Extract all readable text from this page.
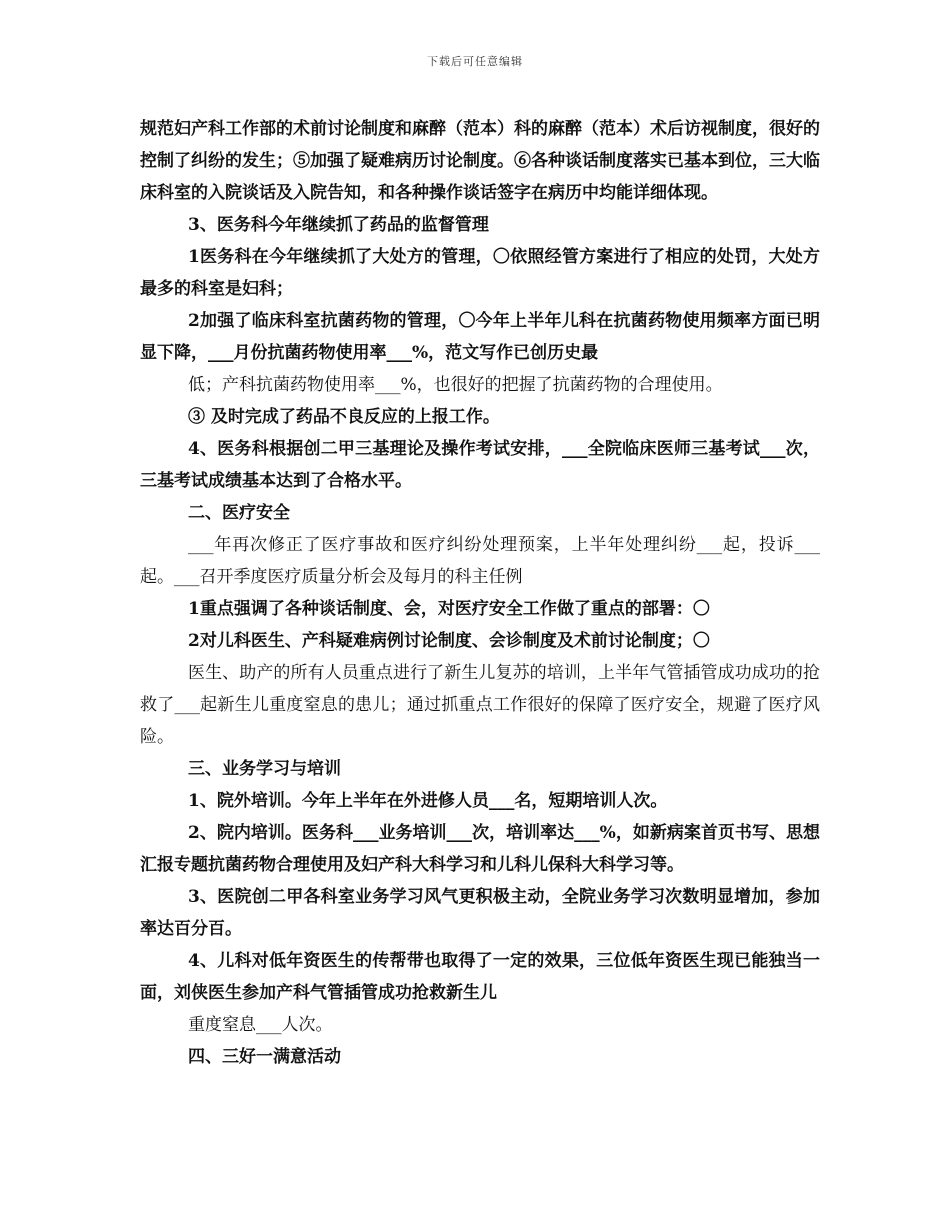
下载后可任意编辑

规范妇产科工作部的术前讨论制度和麻醉（范本）科的麻醉（范本）术后访视制度，很好的控制了纠纷的发生；⑤加强了疑难病历讨论制度。⑥各种谈话制度落实已基本到位，三大临床科室的入院谈话及入院告知，和各种操作谈话签字在病历中均能详细体现。

3、医务科今年继续抓了药品的监督管理

1医务科在今年继续抓了大处方的管理，〇依照经管方案进行了相应的处罚，大处方最多的科室是妇科；

2加强了临床科室抗菌药物的管理，〇今年上半年儿科在抗菌药物使用频率方面已明显下降，___月份抗菌药物使用率___%，范文写作已创历史最

低；产科抗菌药物使用率___%，也很好的把握了抗菌药物的合理使用。

③ 及时完成了药品不良反应的上报工作。

4、医务科根据创二甲三基理论及操作考试安排，___全院临床医师三基考试___次，三基考试成绩基本达到了合格水平。

二、医疗安全

___年再次修正了医疗事故和医疗纠纷处理预案，上半年处理纠纷___起，投诉___起。___召开季度医疗质量分析会及每月的科主任例

1重点强调了各种谈话制度、会，对医疗安全工作做了重点的部署：〇

2对儿科医生、产科疑难病例讨论制度、会诊制度及术前讨论制度；〇

医生、助产的所有人员重点进行了新生儿复苏的培训，上半年气管插管成功成功的抢救了___起新生儿重度窒息的患儿；通过抓重点工作很好的保障了医疗安全，规避了医疗风险。

三、业务学习与培训

1、院外培训。今年上半年在外进修人员___名，短期培训人次。

2、院内培训。医务科___业务培训___次，培训率达___%，如新病案首页书写、思想汇报专题抗菌药物合理使用及妇产科大科学习和儿科儿保科大科学习等。

3、医院创二甲各科室业务学习风气更积极主动，全院业务学习次数明显增加，参加率达百分百。

4、儿科对低年资医生的传帮带也取得了一定的效果，三位低年资医生现已能独当一面，刘侠医生参加产科气管插管成功抢救新生儿

重度窒息___人次。

四、三好一满意活动
